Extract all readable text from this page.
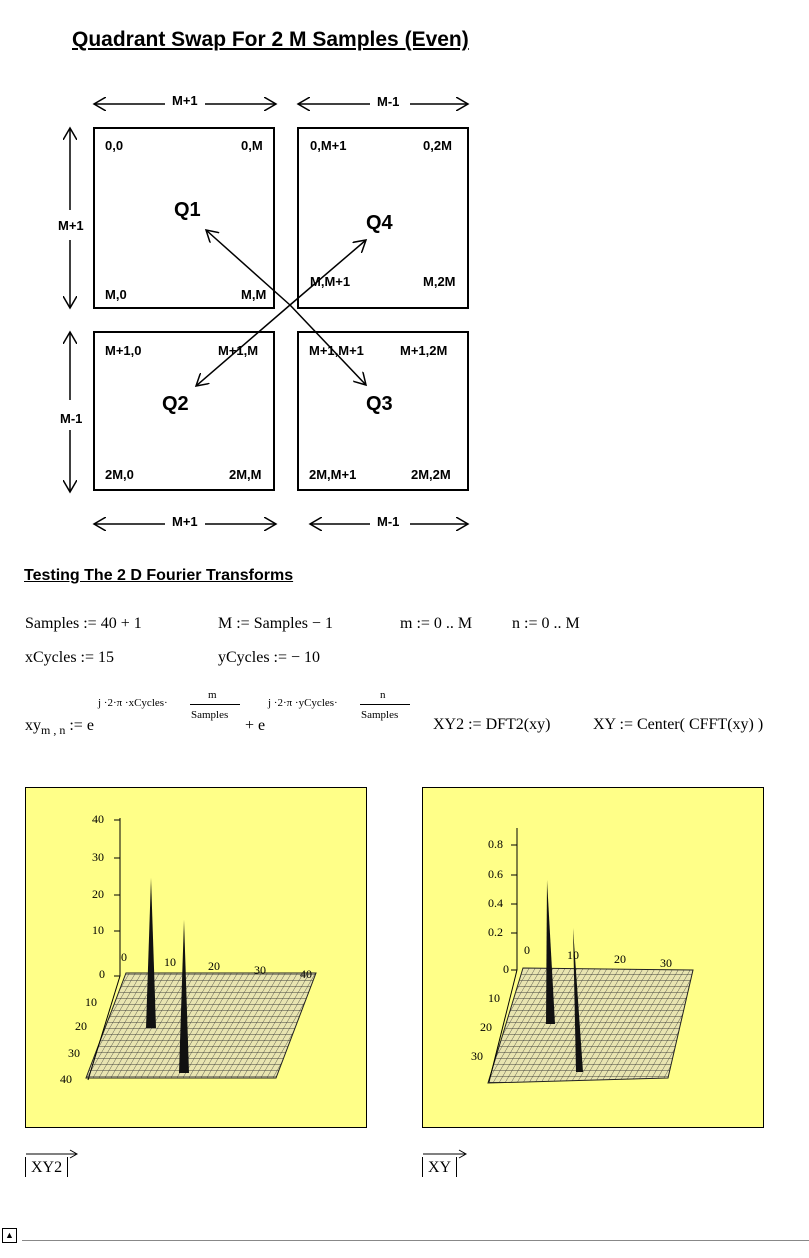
Quadrant Swap For 2 M Samples (Even)
M+1	M-1
M+1	M-1
M+1
M-1
0,0	0,M
M,0	M,M
Q1
0,M+1	0,2M
M,M+1	M,2M
Q4
M+1,0	M+1,M
2M,0	2M,M
Q2
M+1,M+1	M+1,2M
2M,M+1	2M,2M
Q3
Testing The 2 D Fourier Transforms
Samples := 40 + 1	M := Samples − 1	m := 0 .. M n := 0 .. M
xCycles := 15	yCycles := − 10
$xy_{m , n}$ := e
j ·2·π ·xCycles·
m
Samples
+ e
j ·2·π ·yCycles·
n
Samples
XY2 := DFT2(xy)	XY := Center( CFFT(xy) )
40
30
20
10
0
0	10	20	30	40
10
20
30
40
0.8
0.6
0.4
0.2
0
0	10	20	30
10
20
30
XY2	XY
▲
